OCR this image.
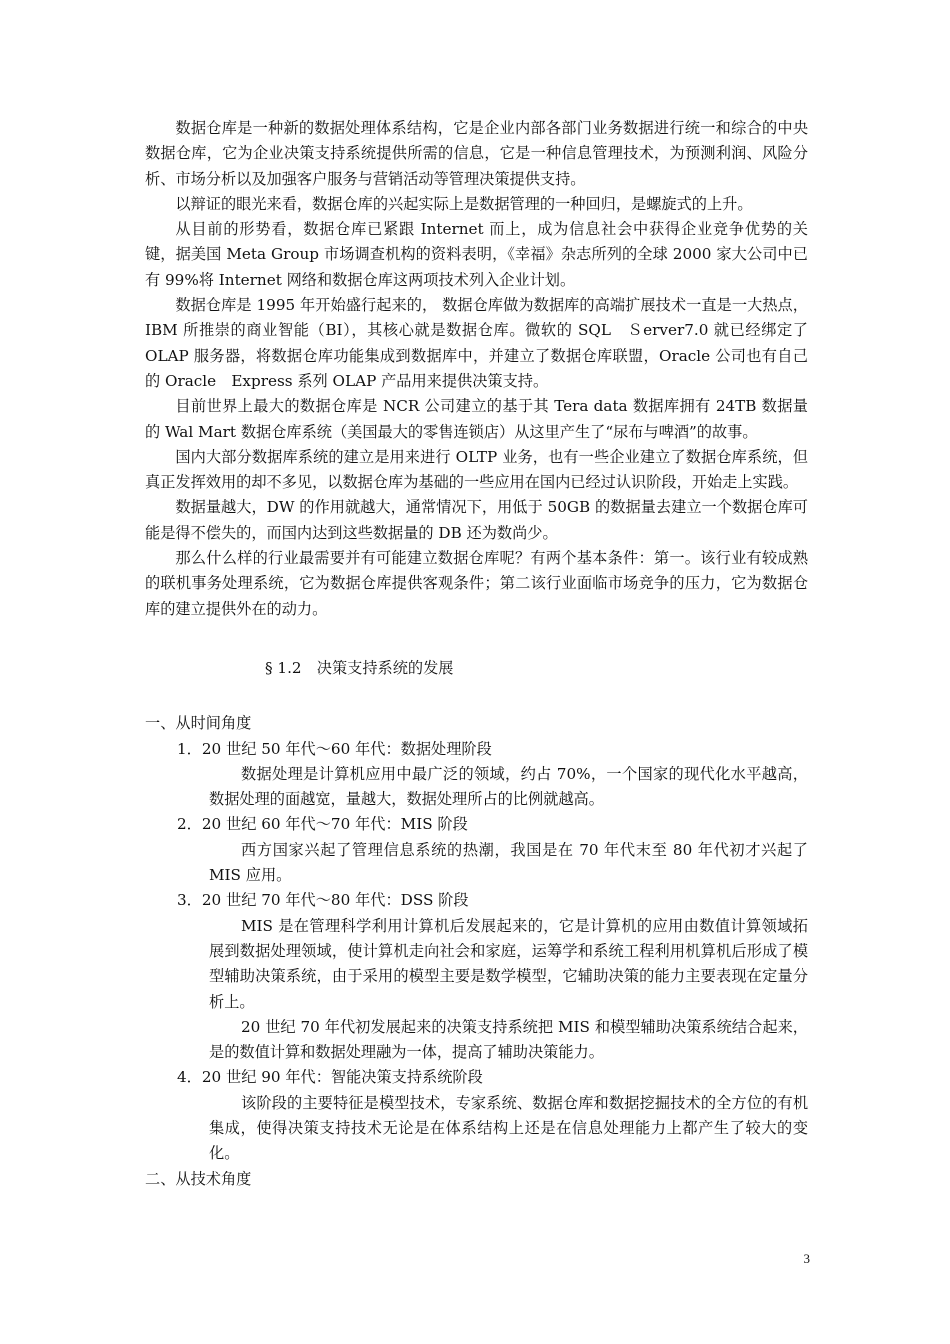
数据仓库是一种新的数据处理体系结构，它是企业内部各部门业务数据进行统一和综合的中央数据仓库，它为企业决策支持系统提供所需的信息，它是一种信息管理技术，为预测利润、风险分析、市场分析以及加强客户服务与营销活动等管理决策提供支持。

以辩证的眼光来看，数据仓库的兴起实际上是数据管理的一种回归，是螺旋式的上升。

从目前的形势看，数据仓库已紧跟 Internet 而上，成为信息社会中获得企业竞争优势的关键，据美国 Meta Group 市场调查机构的资料表明，《幸福》杂志所列的全球 2000 家大公司中已有 99%将 Internet 网络和数据仓库这两项技术列入企业计划。

数据仓库是 1995 年开始盛行起来的， 数据仓库做为数据库的高端扩展技术一直是一大热点，IBM 所推崇的商业智能（BI），其核心就是数据仓库。微软的 SQL　Ｓerver7.0 就已经绑定了 OLAP 服务器，将数据仓库功能集成到数据库中，并建立了数据仓库联盟，Oracle 公司也有自己的 Oracle　Express 系列 OLAP 产品用来提供决策支持。

目前世界上最大的数据仓库是 NCR 公司建立的基于其 Tera data 数据库拥有 24TB 数据量的 Wal Mart 数据仓库系统（美国最大的零售连锁店）从这里产生了“尿布与啤酒”的故事。

国内大部分数据库系统的建立是用来进行 OLTP 业务，也有一些企业建立了数据仓库系统，但真正发挥效用的却不多见，以数据仓库为基础的一些应用在国内已经过认识阶段，开始走上实践。

数据量越大，DW 的作用就越大，通常情况下，用低于 50GB 的数据量去建立一个数据仓库可能是得不偿失的，而国内达到这些数据量的 DB 还为数尚少。

那么什么样的行业最需要并有可能建立数据仓库呢？有两个基本条件：第一。该行业有较成熟的联机事务处理系统，它为数据仓库提供客观条件；第二该行业面临市场竞争的压力，它为数据仓库的建立提供外在的动力。

§ 1.2　决策支持系统的发展

一、从时间角度

1．20 世纪 50 年代～60 年代：数据处理阶段

数据处理是计算机应用中最广泛的领域，约占 70%，一个国家的现代化水平越高，数据处理的面越宽，量越大，数据处理所占的比例就越高。

2．20 世纪 60 年代～70 年代：MIS 阶段

西方国家兴起了管理信息系统的热潮，我国是在 70 年代末至 80 年代初才兴起了 MIS 应用。

3．20 世纪 70 年代～80 年代：DSS 阶段

MIS 是在管理科学利用计算机后发展起来的，它是计算机的应用由数值计算领域拓展到数据处理领域，使计算机走向社会和家庭，运筹学和系统工程利用机算机后形成了模型辅助决策系统，由于采用的模型主要是数学模型，它辅助决策的能力主要表现在定量分析上。

20 世纪 70 年代初发展起来的决策支持系统把 MIS 和模型辅助决策系统结合起来，是的数值计算和数据处理融为一体，提高了辅助决策能力。

4．20 世纪 90 年代：智能决策支持系统阶段

该阶段的主要特征是模型技术，专家系统、数据仓库和数据挖掘技术的全方位的有机集成，使得决策支持技术无论是在体系结构上还是在信息处理能力上都产生了较大的变化。

二、从技术角度

3
